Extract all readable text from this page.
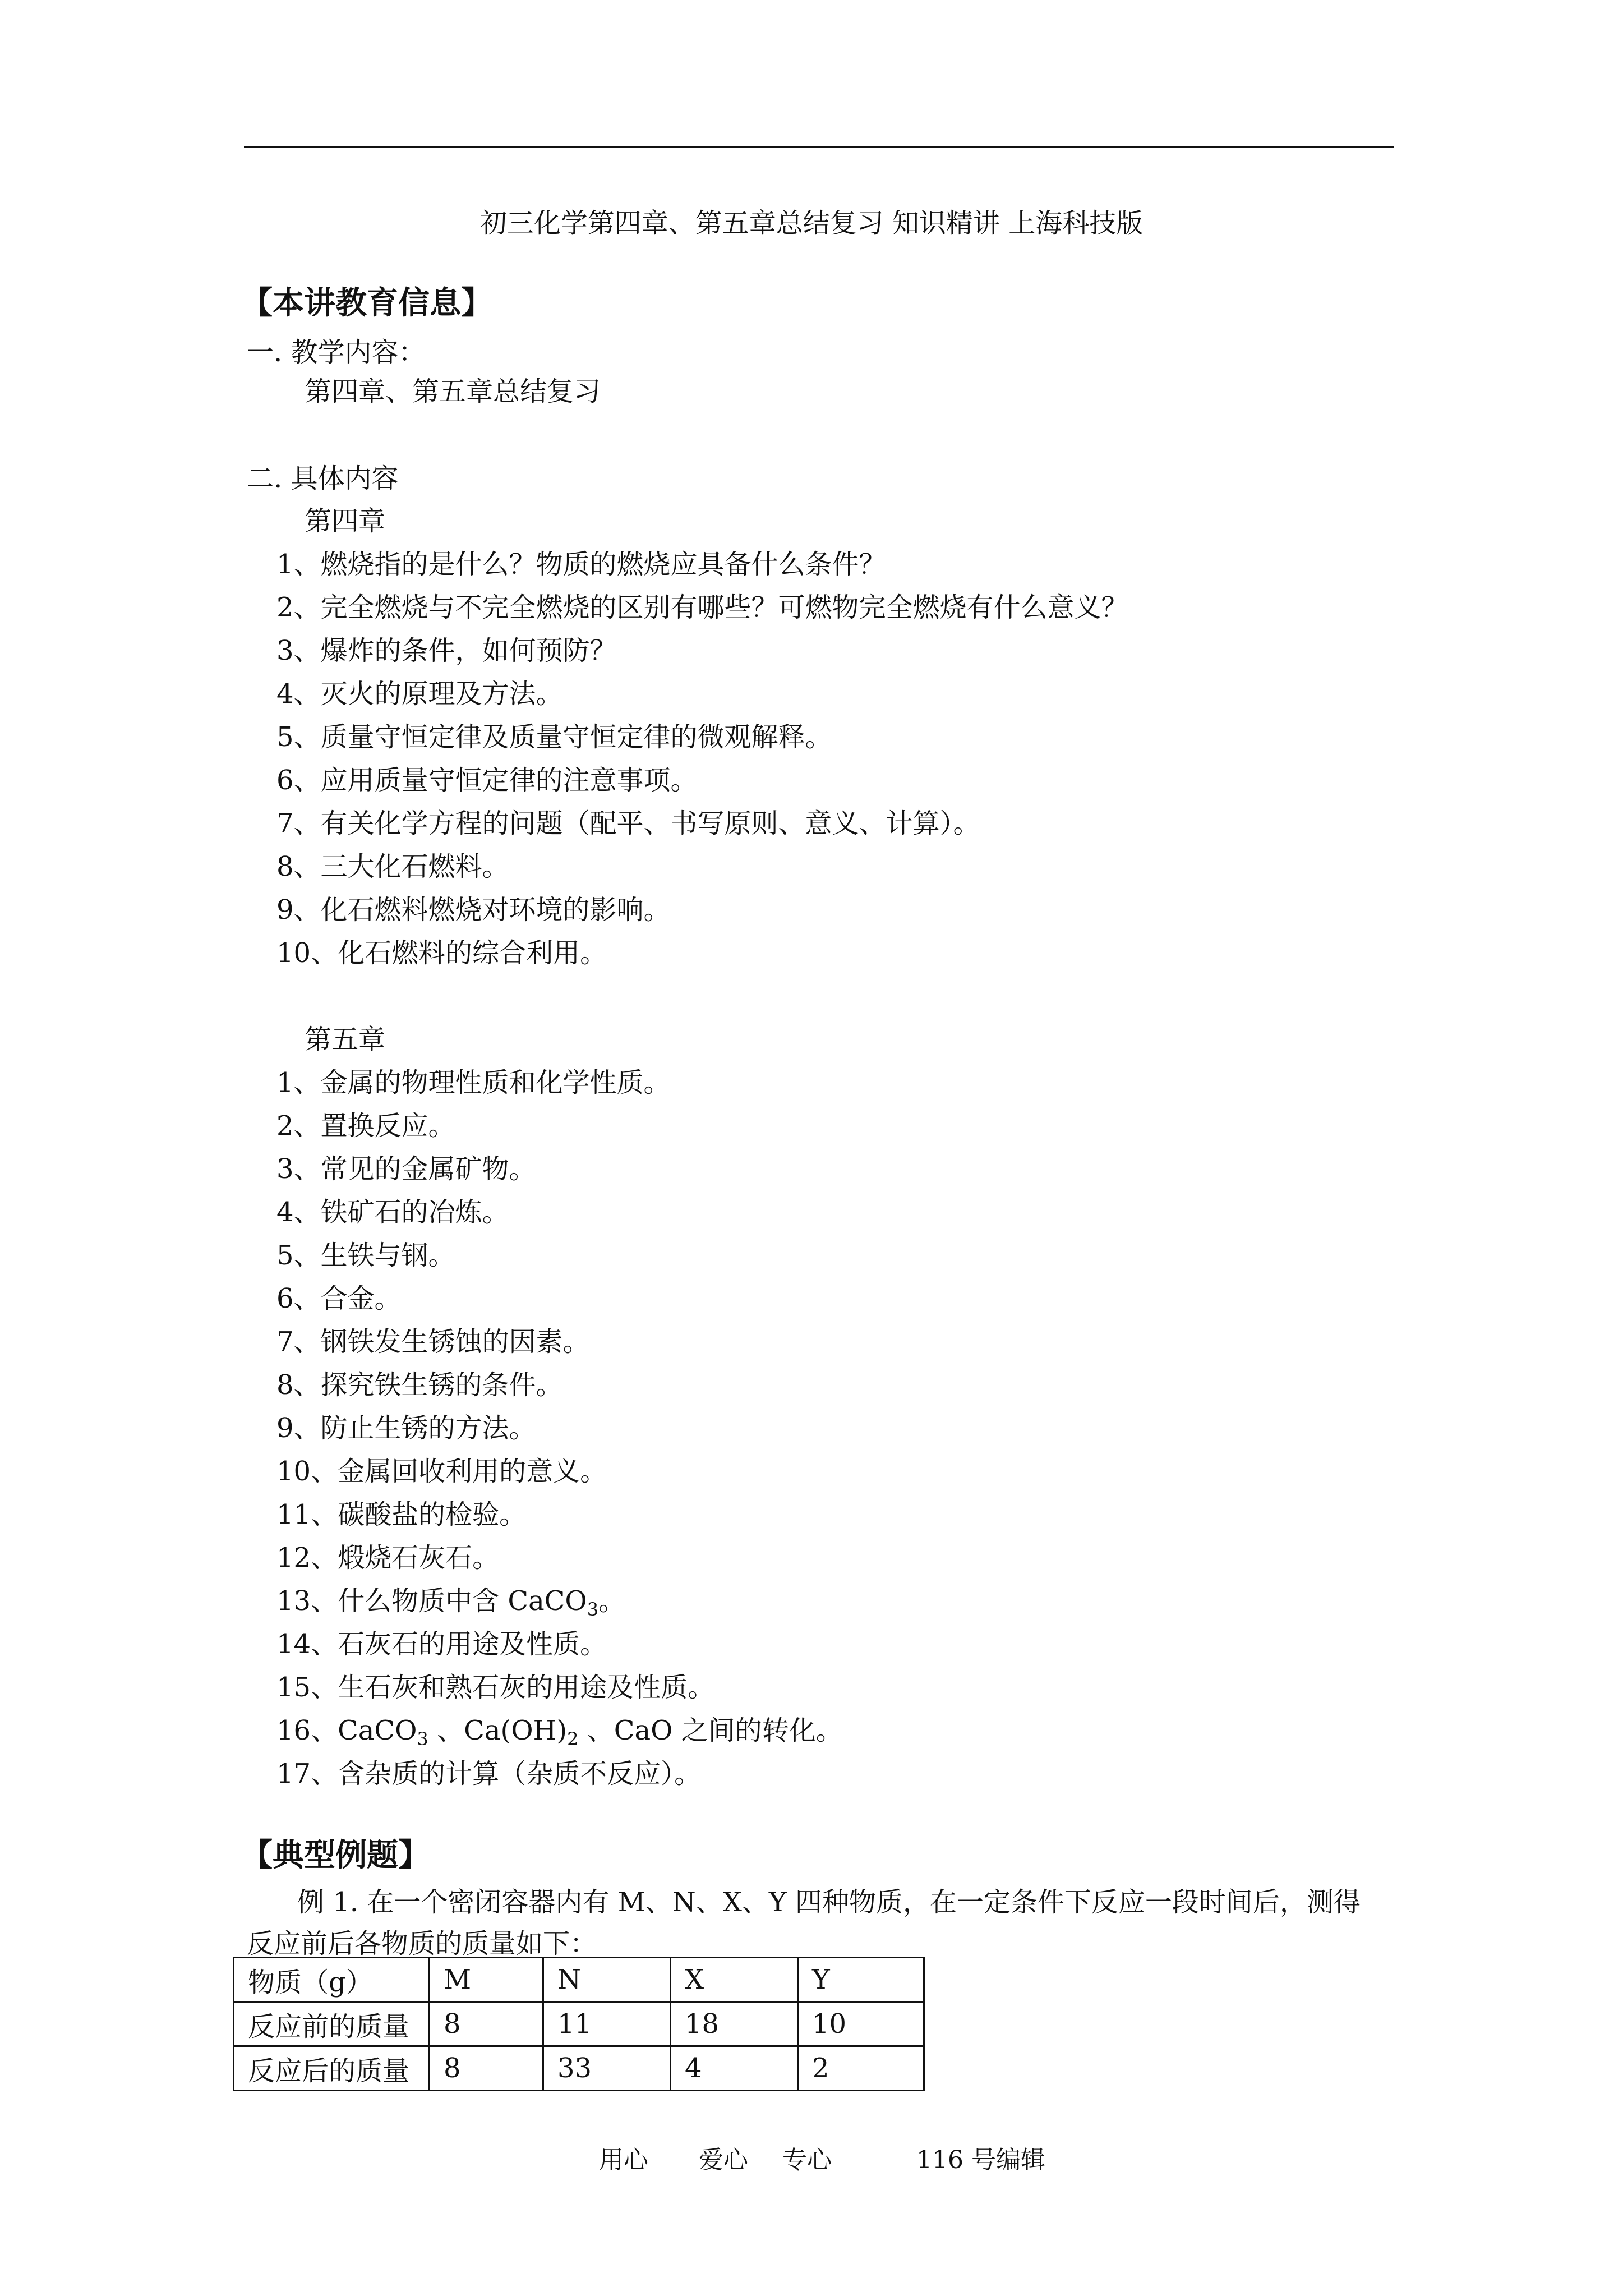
初三化学第四章、第五章总结复习 知识精讲 上海科技版
【本讲教育信息】
一. 教学内容：
第四章、第五章总结复习
二. 具体内容
第四章
1、燃烧指的是什么？物质的燃烧应具备什么条件？
2、完全燃烧与不完全燃烧的区别有哪些？可燃物完全燃烧有什么意义？
3、爆炸的条件，如何预防？
4、灭火的原理及方法。
5、质量守恒定律及质量守恒定律的微观解释。
6、应用质量守恒定律的注意事项。
7、有关化学方程的问题（配平、书写原则、意义、计算）。
8、三大化石燃料。
9、化石燃料燃烧对环境的影响。
10、化石燃料的综合利用。
第五章
1、金属的物理性质和化学性质。
2、置换反应。
3、常见的金属矿物。
4、铁矿石的冶炼。
5、生铁与钢。
6、合金。
7、钢铁发生锈蚀的因素。
8、探究铁生锈的条件。
9、防止生锈的方法。
10、金属回收利用的意义。
11、碳酸盐的检验。
12、煅烧石灰石。
13、什么物质中含 CaCO$_3$。
14、石灰石的用途及性质。
15、生石灰和熟石灰的用途及性质。
16、CaCO$_3$ 、$Ca(OH)_2$ 、CaO 之间的转化。
17、含杂质的计算（杂质不反应）。
【典型例题】
例 1. 在一个密闭容器内有 M、N、X、Y 四种物质，在一定条件下反应一段时间后，测得
反应前后各物质的质量如下：
物质（g）	M	N	X	Y
反应前的质量	8	11	18	10
反应后的质量	8	33	4	2
用心 爱心 专心	116 号编辑
